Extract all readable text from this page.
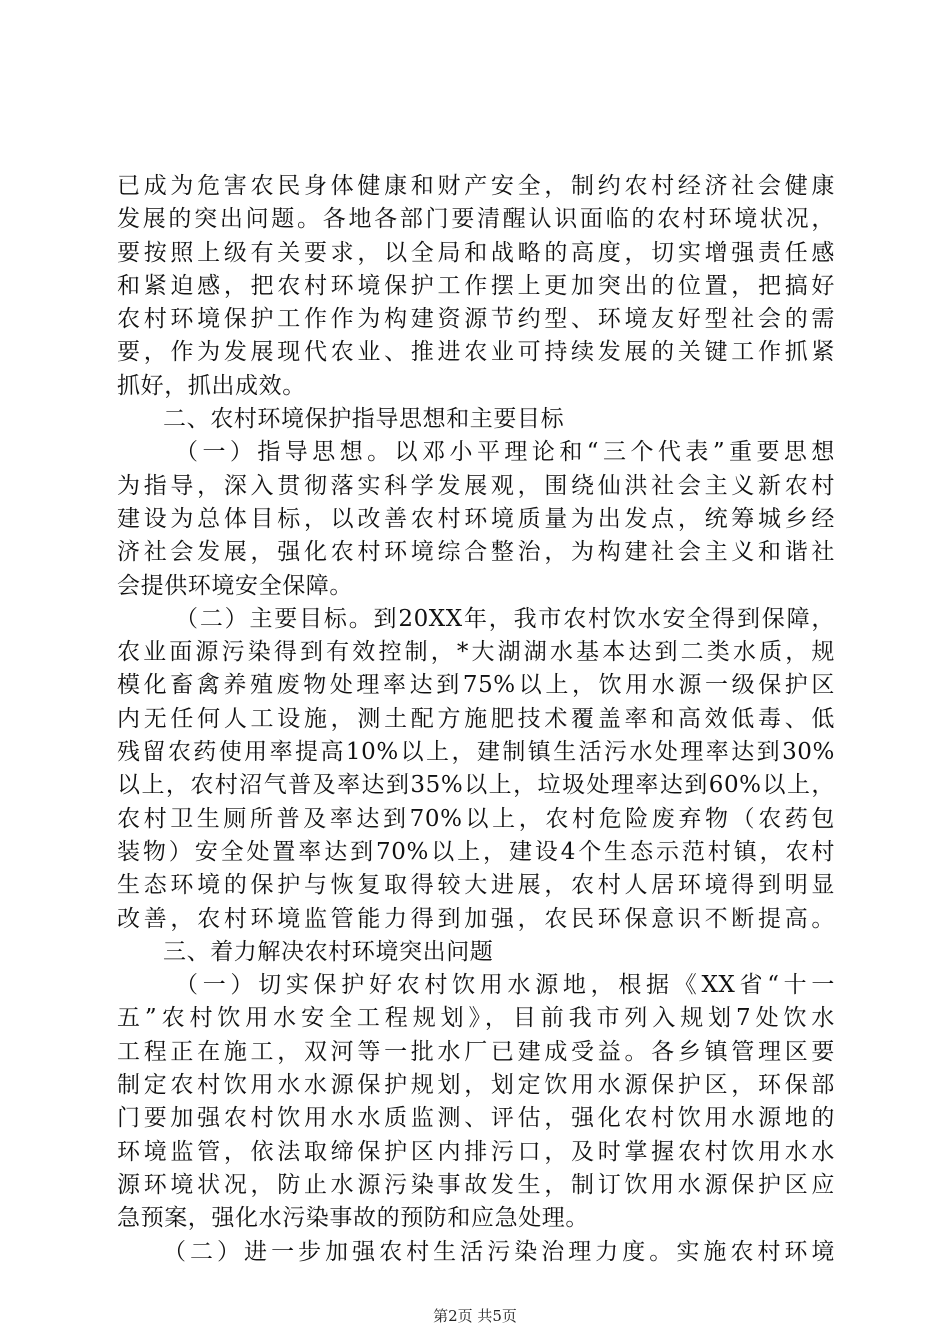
已成为危害农民身体健康和财产安全，制约农村经济社会健康
发展的突出问题。各地各部门要清醒认识面临的农村环境状况，
要按照上级有关要求，以全局和战略的高度，切实增强责任感
和紧迫感，把农村环境保护工作摆上更加突出的位置，把搞好
农村环境保护工作作为构建资源节约型、环境友好型社会的需
要，作为发展现代农业、推进农业可持续发展的关键工作抓紧
抓好，抓出成效。
二、农村环境保护指导思想和主要目标
（一）指导思想。以邓小平理论和“三个代表”重要思想
为指导，深入贯彻落实科学发展观，围绕仙洪社会主义新农村
建设为总体目标，以改善农村环境质量为出发点，统筹城乡经
济社会发展，强化农村环境综合整治，为构建社会主义和谐社
会提供环境安全保障。
（二）主要目标。到20XX年，我市农村饮水安全得到保障，
农业面源污染得到有效控制，*大湖湖水基本达到二类水质，规
模化畜禽养殖废物处理率达到75%以上，饮用水源一级保护区
内无任何人工设施，测土配方施肥技术覆盖率和高效低毒、低
残留农药使用率提高10%以上，建制镇生活污水处理率达到30%
以上，农村沼气普及率达到35%以上，垃圾处理率达到60%以上，
农村卫生厕所普及率达到70%以上，农村危险废弃物（农药包
装物）安全处置率达到70%以上，建设4个生态示范村镇，农村
生态环境的保护与恢复取得较大进展，农村人居环境得到明显
改善，农村环境监管能力得到加强，农民环保意识不断提高。
三、着力解决农村环境突出问题
（一）切实保护好农村饮用水源地，根据《XX省“十一
五”农村饮用水安全工程规划》，目前我市列入规划7处饮水
工程正在施工，双河等一批水厂已建成受益。各乡镇管理区要
制定农村饮用水水源保护规划，划定饮用水源保护区，环保部
门要加强农村饮用水水质监测、评估，强化农村饮用水源地的
环境监管，依法取缔保护区内排污口，及时掌握农村饮用水水
源环境状况，防止水源污染事故发生，制订饮用水源保护区应
急预案，强化水污染事故的预防和应急处理。
（二）进一步加强农村生活污染治理力度。实施农村环境
第2页 共5页
